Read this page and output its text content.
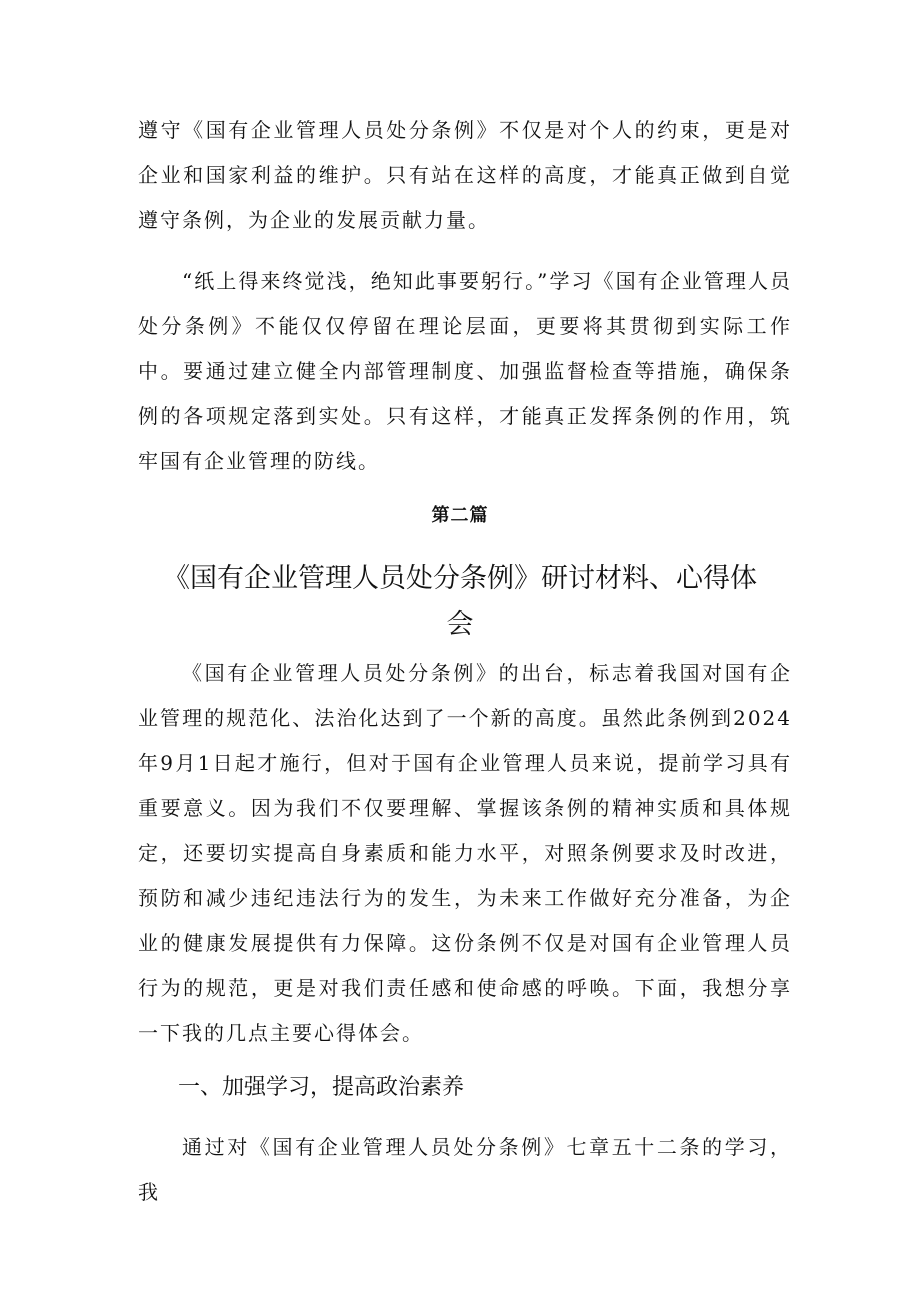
遵守《国有企业管理人员处分条例》不仅是对个人的约束，更是对企业和国家利益的维护。只有站在这样的高度，才能真正做到自觉遵守条例，为企业的发展贡献力量。

“纸上得来终觉浅，绝知此事要躬行。”学习《国有企业管理人员处分条例》不能仅仅停留在理论层面，更要将其贯彻到实际工作中。要通过建立健全内部管理制度、加强监督检查等措施，确保条例的各项规定落到实处。只有这样，才能真正发挥条例的作用，筑牢国有企业管理的防线。

第二篇
《国有企业管理人员处分条例》研讨材料、心得体会

《国有企业管理人员处分条例》的出台，标志着我国对国有企业管理的规范化、法治化达到了一个新的高度。虽然此条例到2024年9月1日起才施行，但对于国有企业管理人员来说，提前学习具有重要意义。因为我们不仅要理解、掌握该条例的精神实质和具体规定，还要切实提高自身素质和能力水平，对照条例要求及时改进，预防和减少违纪违法行为的发生，为未来工作做好充分准备，为企业的健康发展提供有力保障。这份条例不仅是对国有企业管理人员行为的规范，更是对我们责任感和使命感的呼唤。下面，我想分享一下我的几点主要心得体会。

一、加强学习，提高政治素养

通过对《国有企业管理人员处分条例》七章五十二条的学习，我
